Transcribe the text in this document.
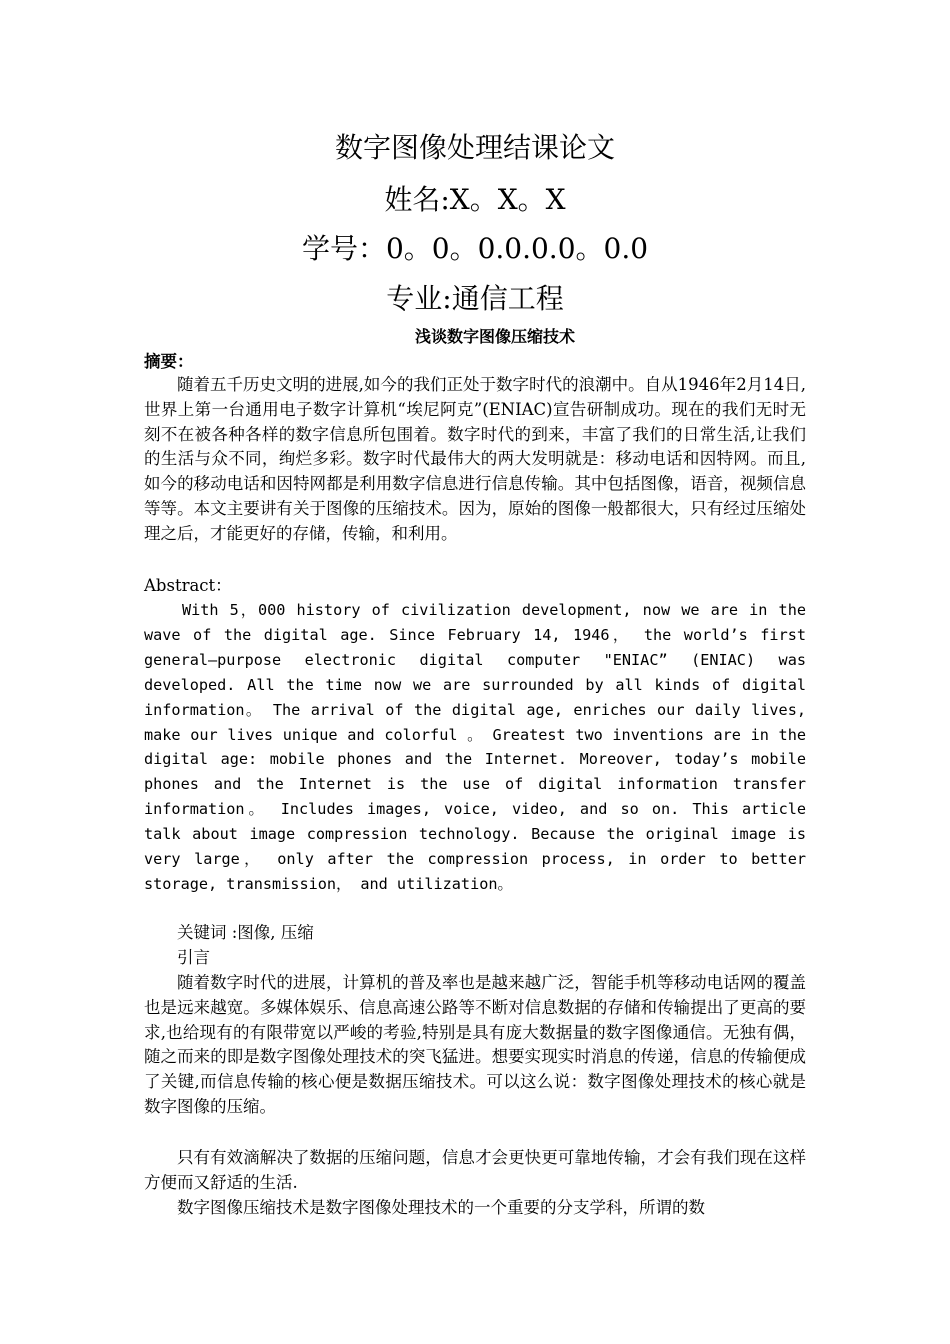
数字图像处理结课论文
姓名:X。X。X
学号：0。0。0.0.0.0。0.0
专业:通信工程
浅谈数字图像压缩技术
摘要：

随着五千历史文明的进展,如今的我们正处于数字时代的浪潮中。自从1946年2月14日,世界上第一台通用电子数字计算机“埃尼阿克”(ENIAC)宣告研制成功。现在的我们无时无刻不在被各种各样的数字信息所包围着。数字时代的到来，丰富了我们的日常生活,让我们的生活与众不同，绚烂多彩。数字时代最伟大的两大发明就是：移动电话和因特网。而且,如今的移动电话和因特网都是利用数字信息进行信息传输。其中包括图像，语音，视频信息等等。本文主要讲有关于图像的压缩技术。因为，原始的图像一般都很大，只有经过压缩处理之后，才能更好的存储，传输，和利用。

Abstract：

With 5，000 history of civilization development, now we are in the wave of the digital age. Since February 14, 1946， the world’s first general—purpose electronic digital computer "ENIAC” (ENIAC) was developed. All the time now we are surrounded by all kinds of digital information。 The arrival of the digital age, enriches our daily lives, make our lives unique and colorful 。 Greatest two inventions are in the digital age: mobile phones and the Internet. Moreover, today’s mobile phones and the Internet is the use of digital information transfer information。 Includes images, voice, video, and so on. This article talk about image compression technology. Because the original image is very large， only after the compression process, in order to better storage, transmission， and utilization。

关键词 :图像, 压缩
引言

随着数字时代的进展，计算机的普及率也是越来越广泛，智能手机等移动电话网的覆盖也是远来越宽。多媒体娱乐、信息高速公路等不断对信息数据的存储和传输提出了更高的要求,也给现有的有限带宽以严峻的考验,特别是具有庞大数据量的数字图像通信。无独有偶，随之而来的即是数字图像处理技术的突飞猛进。想要实现实时消息的传递，信息的传输便成了关键,而信息传输的核心便是数据压缩技术。可以这么说：数字图像处理技术的核心就是数字图像的压缩。

只有有效滴解决了数据的压缩问题，信息才会更快更可靠地传输，才会有我们现在这样方便而又舒适的生活.

数字图像压缩技术是数字图像处理技术的一个重要的分支学科，所谓的数
